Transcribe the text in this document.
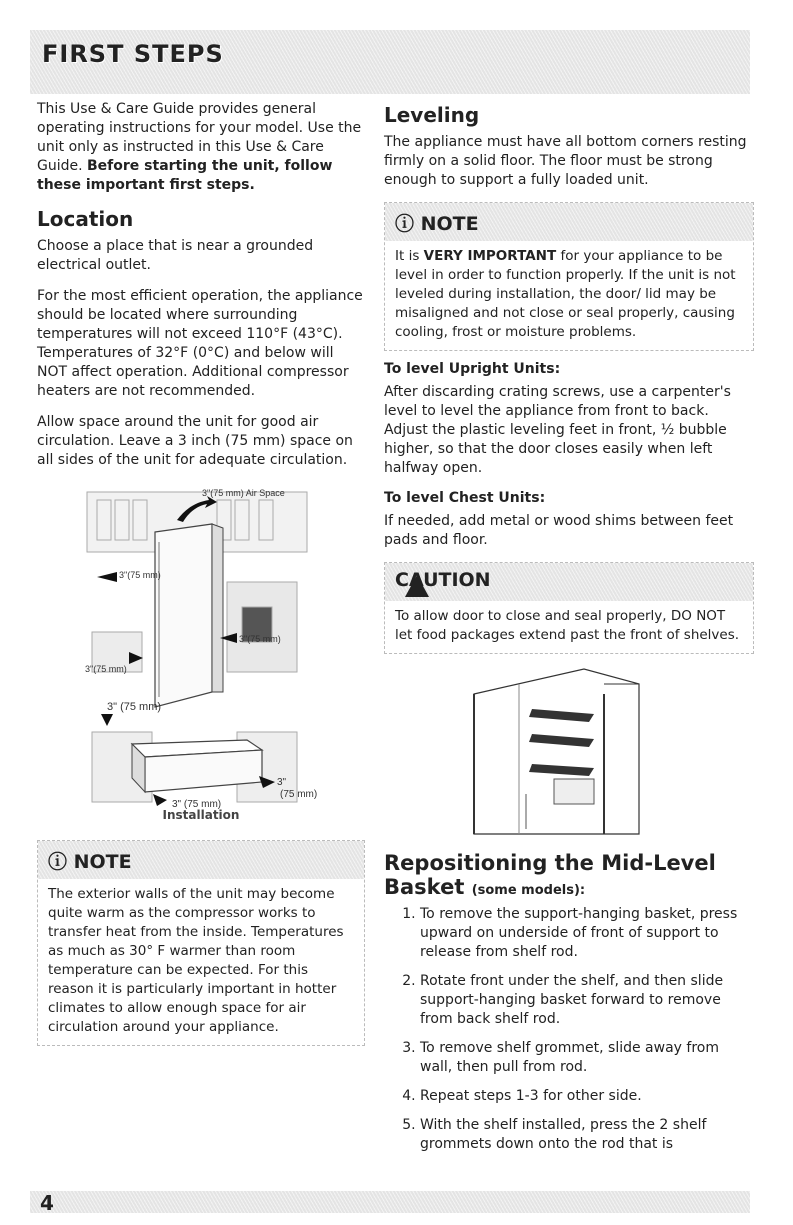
FIRST STEPS

This Use & Care Guide provides general operating instructions for your model. Use the unit only as instructed in this Use & Care Guide. Before starting the unit, follow these important first steps.

Location

Choose a place that is near a grounded electrical outlet.

For the most efficient operation, the appliance should be located where surrounding temperatures will not exceed 110°F (43°C). Temperatures of 32°F (0°C) and below will NOT affect operation. Additional compressor heaters are not recommended.

Allow space around the unit for good air circulation. Leave a 3 inch (75 mm) space on all sides of the unit for adequate circulation.

3"(75 mm) Air Space
3"(75 mm)
3"(75 mm)
3"(75 mm)
3" (75 mm)
3"
(75 mm)
3" (75 mm)
Installation
ⓘ NOTE
The exterior walls of the unit may become quite warm as the compressor works to transfer heat from the inside. Temperatures as much as 30° F warmer than room temperature can be expected. For this reason it is particularly important in hotter climates to allow enough space for air circulation around your appliance.
Leveling

The appliance must have all bottom corners resting firmly on a solid floor. The floor must be strong enough to support a fully loaded unit.

ⓘ NOTE
It is VERY IMPORTANT for your appliance to be level in order to function properly. If the unit is not leveled during installation, the door/ lid may be misaligned and not close or seal properly, causing cooling, frost or moisture problems.
To level Upright Units:

After discarding crating screws, use a carpenter's level to level the appliance from front to back. Adjust the plastic leveling feet in front, ½ bubble higher, so that the door closes easily when left halfway open.

To level Chest Units:

If needed, add metal or wood shims between feet pads and floor.

CAUTION
To allow door to close and seal properly, DO NOT let food packages extend past the front of shelves.
Repositioning the Mid-Level Basket (some models):
1. To remove the support-hanging basket, press upward on underside of front of support to release from shelf rod.
2. Rotate front under the shelf, and then slide support-hanging basket forward to remove from back shelf rod.
3. To remove shelf grommet, slide away from wall, then pull from rod.
4. Repeat steps 1-3 for other side.
5. With the shelf installed, press the 2 shelf grommets down onto the rod that is
4
